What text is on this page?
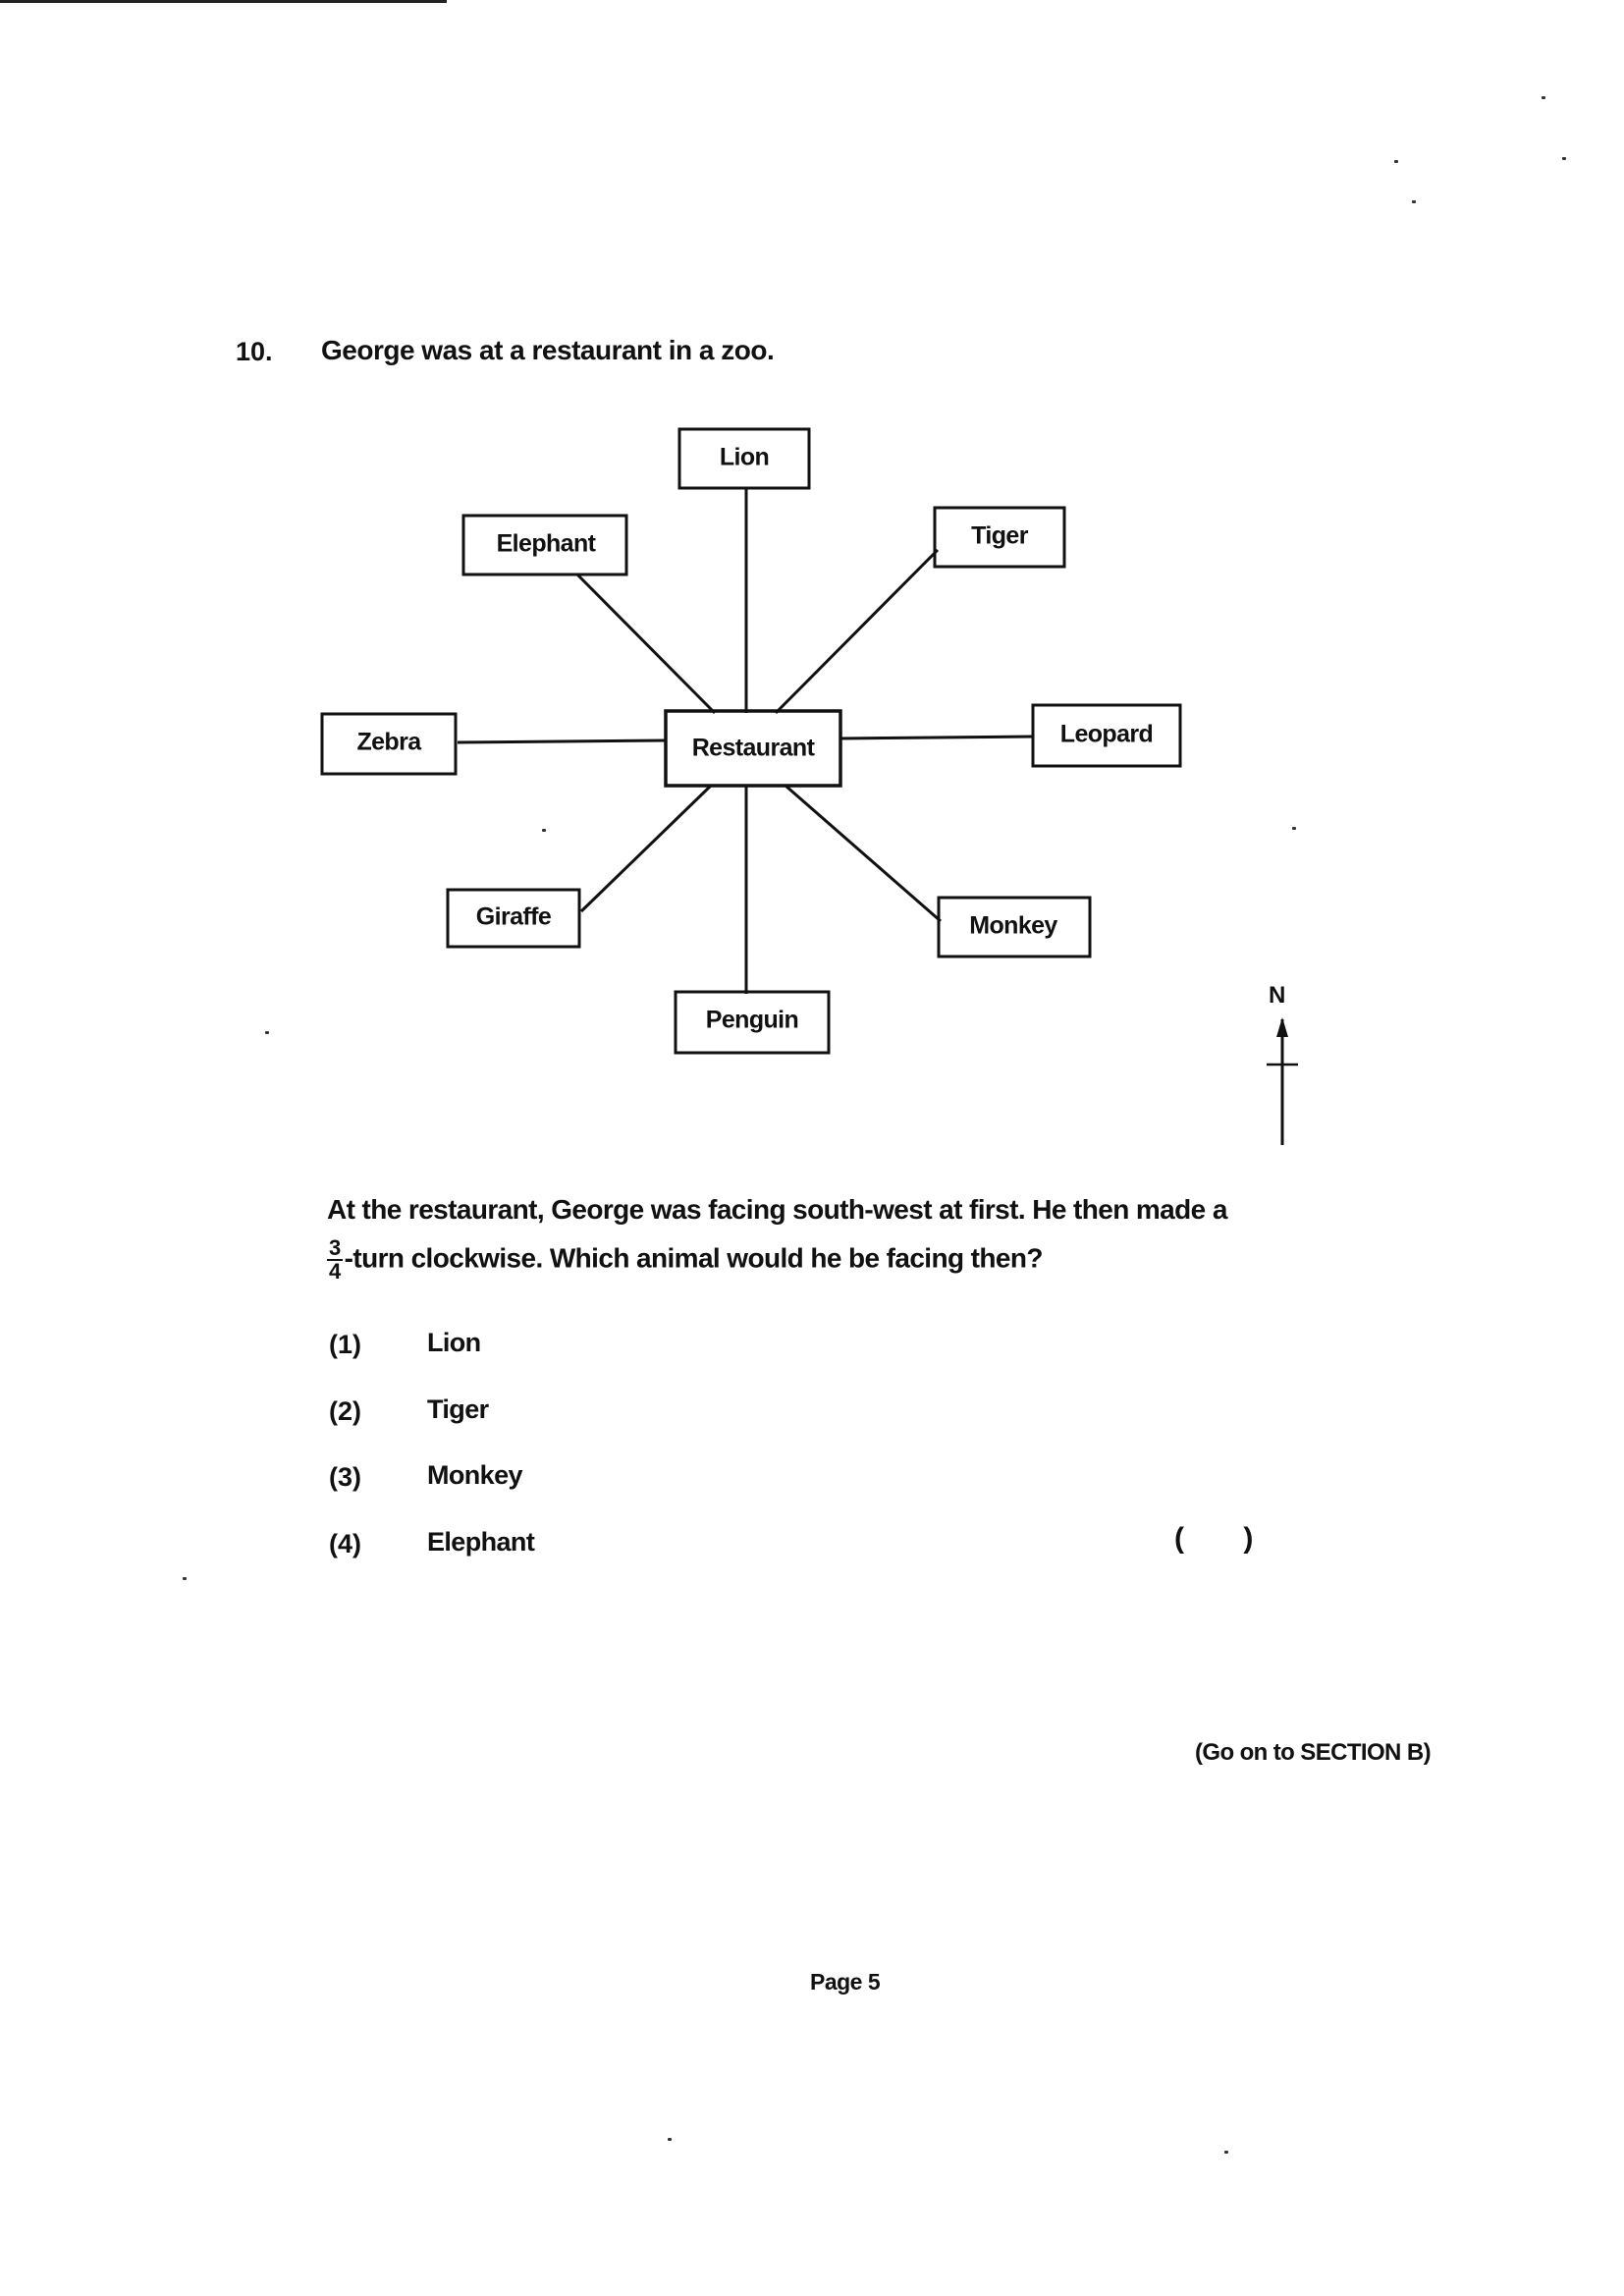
10. George was at a restaurant in a zoo.
Restaurant
Lion
Tiger
Leopard
Monkey
Penguin
Giraffe
Zebra
Elephant
N
At the restaurant, George was facing south-west at first. He then made a
$\frac{3}{4}$ -turn clockwise. Which animal would he be facing then?
(1) Lion
(2) Tiger
(3) Monkey
(4) Elephant	( )
(Go on to SECTION B)
Page 5
